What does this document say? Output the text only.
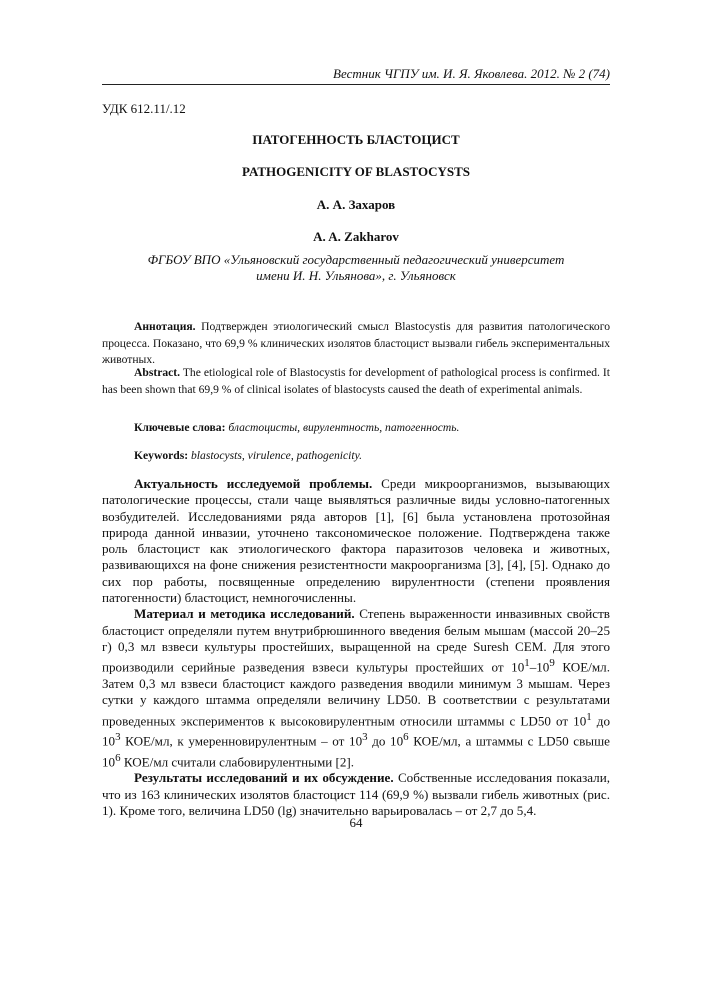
Вестник ЧГПУ им. И. Я. Яковлева. 2012. № 2 (74)
УДК 612.11/.12
ПАТОГЕННОСТЬ БЛАСТОЦИСТ
PATHOGENICITY OF BLASTOCYSTS
А. А. Захаров
A. A. Zakharov
ФГБОУ ВПО «Ульяновский государственный педагогический университет
имени И. Н. Ульянова», г. Ульяновск
Аннотация. Подтвержден этиологический смысл Blastocystis для развития патологического процесса. Показано, что 69,9 % клинических изолятов бластоцист вызвали гибель экспериментальных животных.
Abstract. The etiological role of Blastocystis for development of pathological process is confirmed. It has been shown that 69,9 % of clinical isolates of blastocysts caused the death of experimental animals.
Ключевые слова: бластоцисты, вирулентность, патогенность.
Keywords: blastocysts, virulence, pathogenicity.

Актуальность исследуемой проблемы. Среди микроорганизмов, вызывающих патологические процессы, стали чаще выявляться различные виды условно-патогенных возбудителей. Исследованиями ряда авторов [1], [6] была установлена протозойная природа данной инвазии, уточнено таксономическое положение. Подтверждена также роль бластоцист как этиологического фактора паразитозов человека и животных, развивающихся на фоне снижения резистентности макроорганизма [3], [4], [5]. Однако до сих пор работы, посвященные определению вирулентности (степени проявления патогенности) бластоцист, немногочисленны.

Материал и методика исследований. Степень выраженности инвазивных свойств бластоцист определяли путем внутрибрюшинного введения белым мышам (массой 20–25 г) 0,3 мл взвеси культуры простейших, выращенной на среде Suresh CEM. Для этого производили серийные разведения взвеси культуры простейших от $10^1-10^9$ КОЕ/мл. Затем 0,3 мл взвеси бластоцист каждого разведения вводили минимум 3 мышам. Через сутки у каждого штамма определяли величину LD50. В соответствии с результатами проведенных экспериментов к высоковирулентным относили штаммы с LD50 от $10^1$ до $10^3$ КОЕ/мл, к умеренновирулентным – от $10^3$ до $10^6$ КОЕ/мл, а штаммы с LD50 свыше $10^6$ КОЕ/мл считали слабовирулентными [2].

Результаты исследований и их обсуждение. Собственные исследования показали, что из 163 клинических изолятов бластоцист 114 (69,9 %) вызвали гибель животных (рис. 1). Кроме того, величина LD50 (lg) значительно варьировалась – от 2,7 до 5,4.

64
